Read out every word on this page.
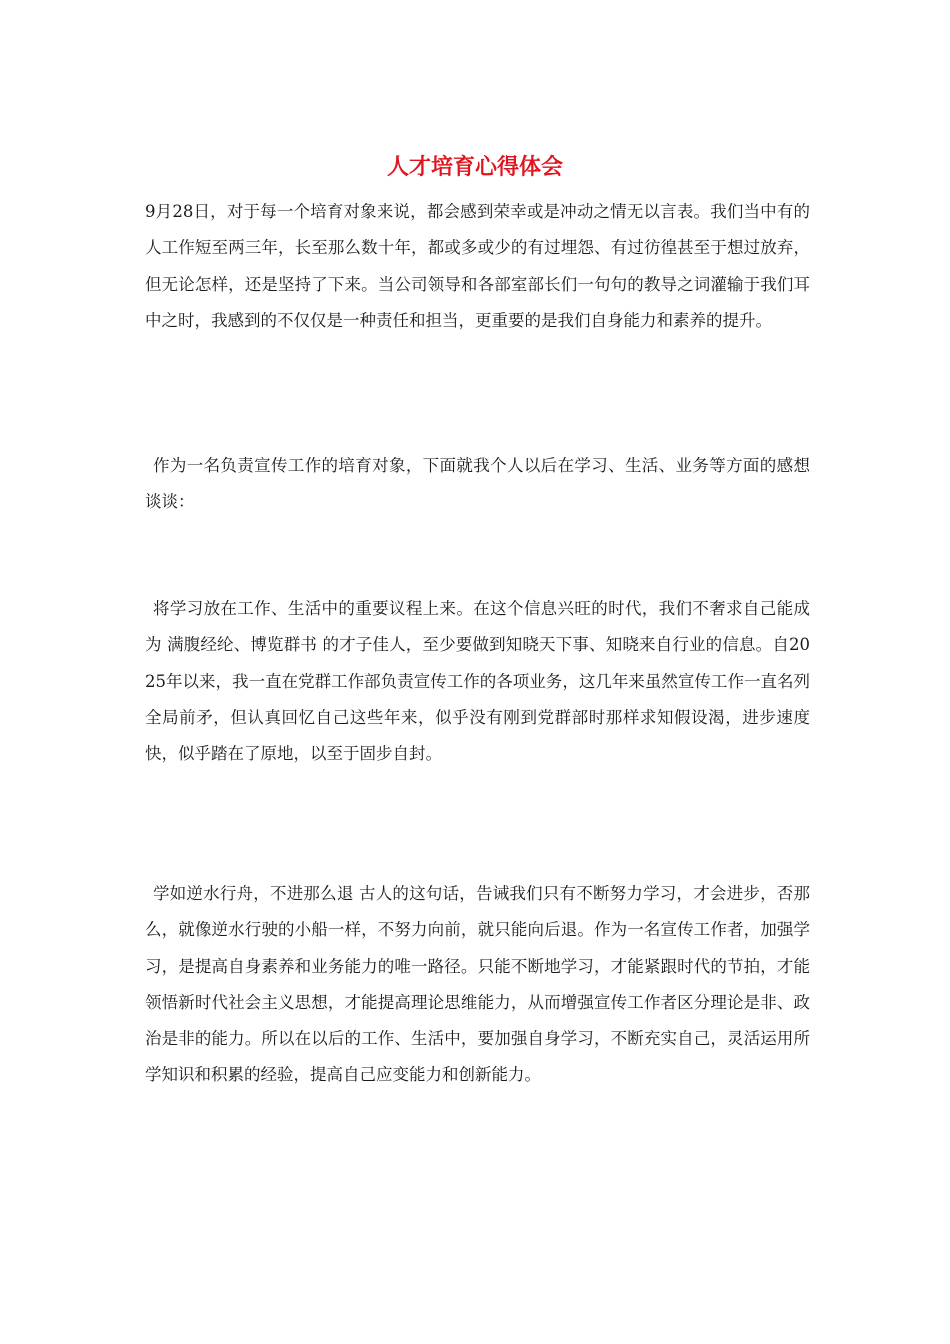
人才培育心得体会

9月28日，对于每一个培育对象来说，都会感到荣幸或是冲动之情无以言表。我们当中有的人工作短至两三年，长至那么数十年，都或多或少的有过埋怨、有过彷徨甚至于想过放弃，但无论怎样，还是坚持了下来。当公司领导和各部室部长们一句句的教导之词灌输于我们耳中之时，我感到的不仅仅是一种责任和担当，更重要的是我们自身能力和素养的提升。

作为一名负责宣传工作的培育对象，下面就我个人以后在学习、生活、业务等方面的感想谈谈：

将学习放在工作、生活中的重要议程上来。在这个信息兴旺的时代，我们不奢求自己能成为 满腹经纶、博览群书 的才子佳人，至少要做到知晓天下事、知晓来自行业的信息。自2025年以来，我一直在党群工作部负责宣传工作的各项业务，这几年来虽然宣传工作一直名列全局前矛，但认真回忆自己这些年来，似乎没有刚到党群部时那样求知假设渴，进步速度快，似乎踏在了原地，以至于固步自封。

学如逆水行舟，不进那么退 古人的这句话，告诫我们只有不断努力学习，才会进步，否那么，就像逆水行驶的小船一样，不努力向前，就只能向后退。作为一名宣传工作者，加强学习，是提高自身素养和业务能力的唯一路径。只能不断地学习，才能紧跟时代的节拍，才能领悟新时代社会主义思想，才能提高理论思维能力，从而增强宣传工作者区分理论是非、政治是非的能力。所以在以后的工作、生活中，要加强自身学习，不断充实自己，灵活运用所学知识和积累的经验，提高自己应变能力和创新能力。
